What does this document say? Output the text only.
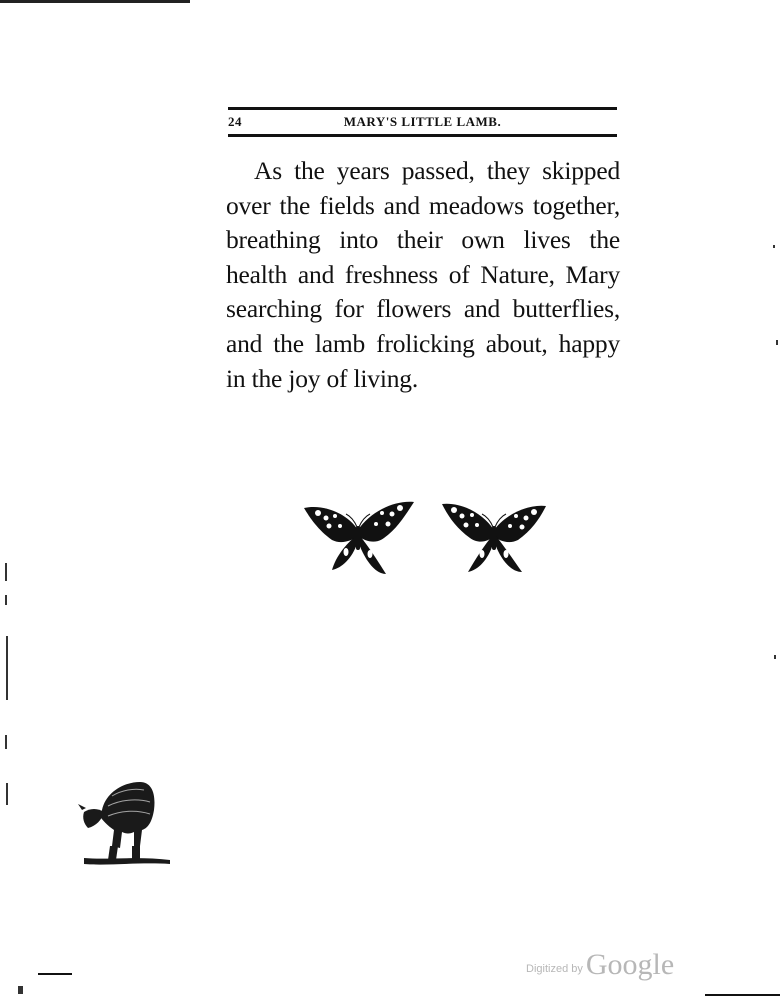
24	MARY'S LITTLE LAMB.

As the years passed, they skipped over the fields and meadows together, breathing into their own lives the health and freshness of Nature, Mary searching for flowers and butterflies, and the lamb frolicking about, happy in the joy of living.

Digitized by Google
